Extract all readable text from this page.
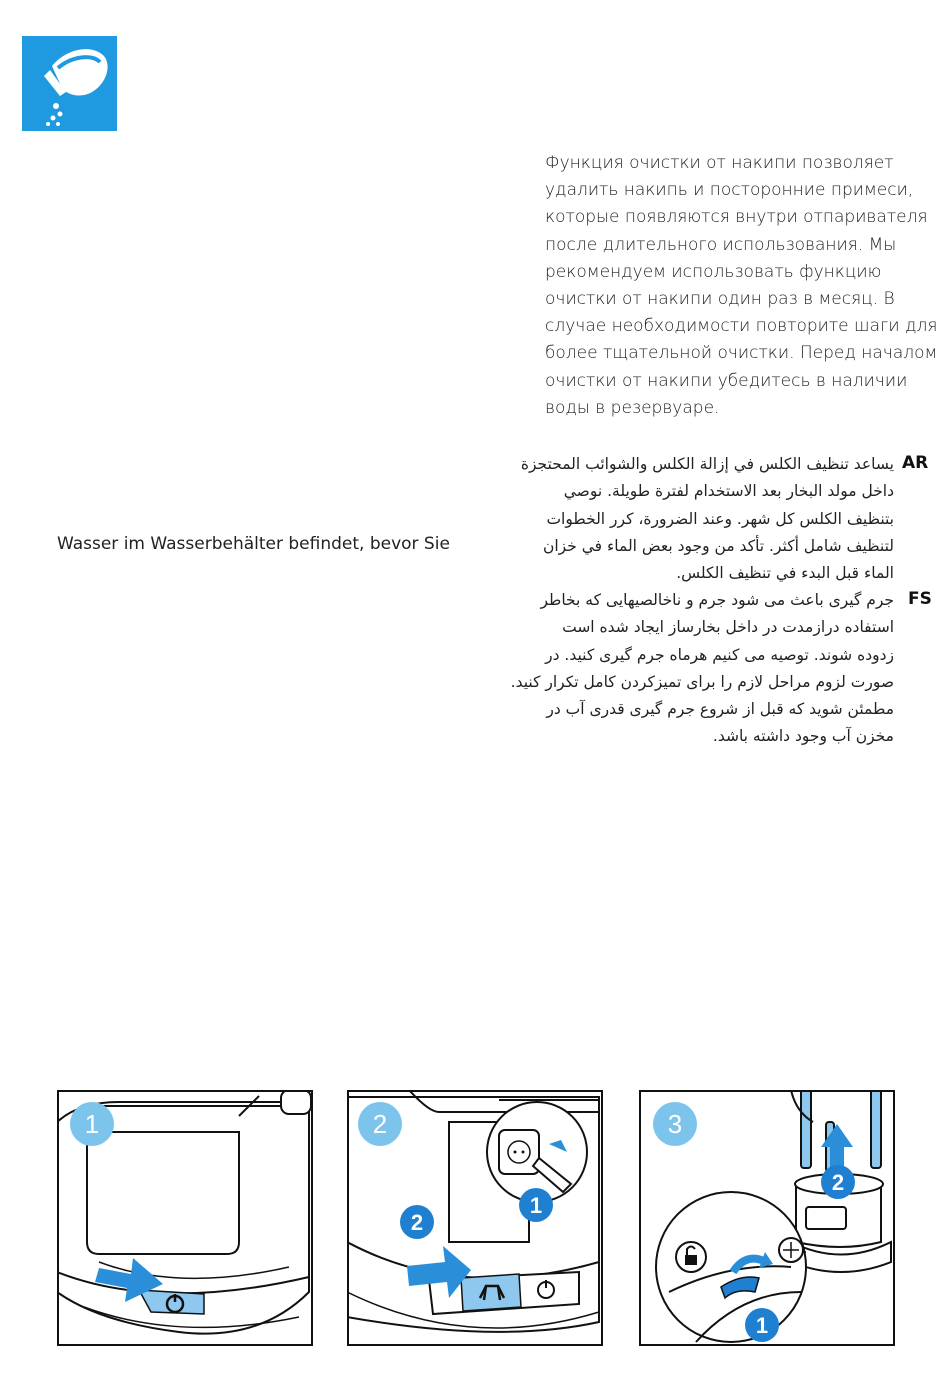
Функция очистки от накипи позволяет

удалить накипь и посторонние примеси,

которые появляются внутри отпаривателя

после длительного использования. Мы

рекомендуем использовать функцию

очистки от накипи один раз в месяц. В

случае необходимости повторите шаги для

более тщательной очистки. Перед началом

очистки от накипи убедитесь в наличии

воды в резервуаре.

Wasser im Wasserbehälter befindet, bevor Sie
AR

يساعد تنظيف الكلس في إزالة الكلس والشوائب المحتجزة

داخل مولد البخار بعد الاستخدام لفترة طويلة. نوصي

بتنظيف الكلس كل شهر. وعند الضرورة، كرر الخطوات

لتنظيف شامل أكثر. تأكد من وجود بعض الماء في خزان

الماء قبل البدء في تنظيف الكلس.

FS

جرم گیری باعث می شود جرم و ناخالصیهایی که بخاطر

استفاده درازمدت در داخل بخارساز ایجاد شده است

زدوده شوند. توصیه می کنیم هرماه جرم گیری کنید. در

صورت لزوم مراحل لازم را برای تمیزکردن کامل تکرار کنید.

مطمئن شوید که قبل از شروع جرم گیری قدری آب در

مخزن آب وجود داشته باشد.

1
2
1
2
2
1
3
